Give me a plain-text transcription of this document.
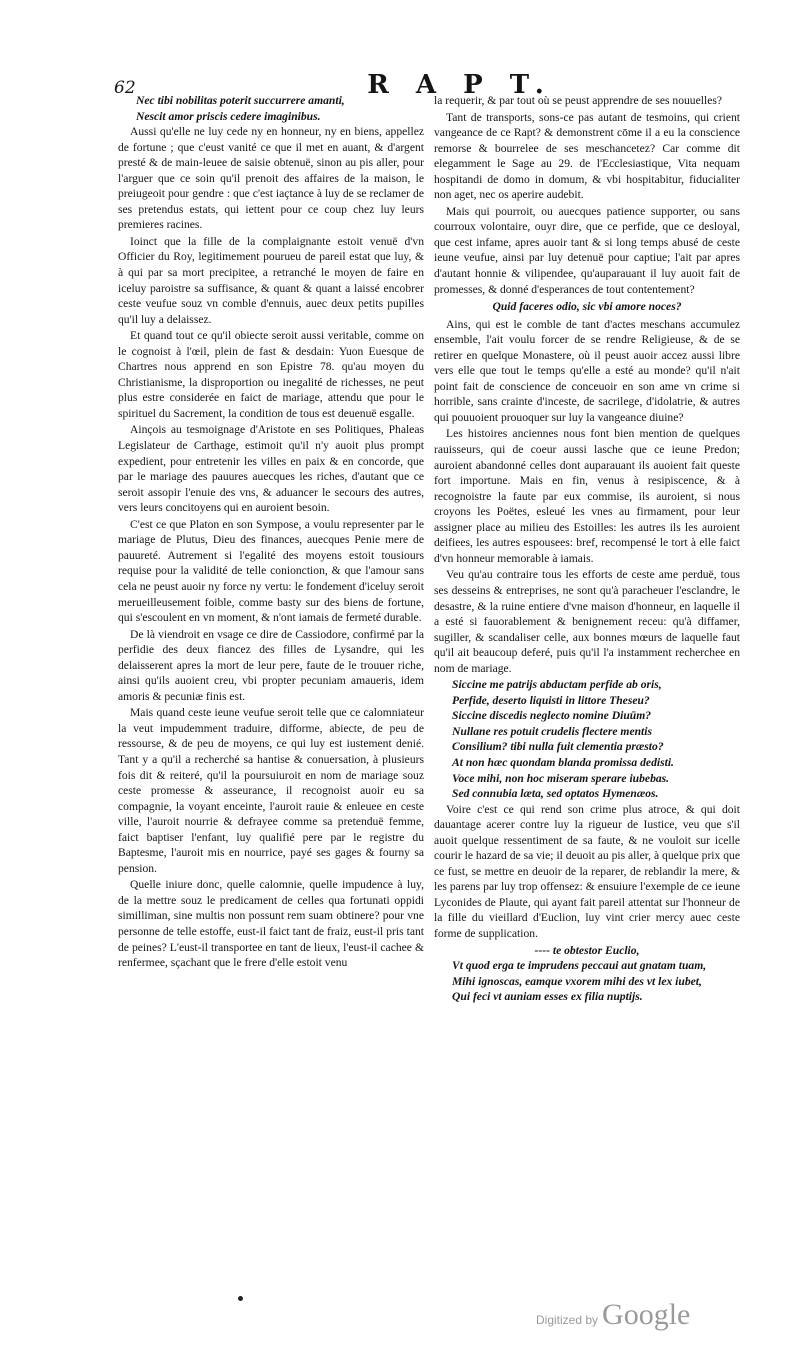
62	R A P T.
Nec tibi nobilitas poterit succurrere amanti,
Nescit amor priscis cedere imaginibus.
Aussi qu'elle ne luy cede ny en honneur, ny en biens, appellez de fortune ; que c'eust vanité ce que il met en auant, & d'argent presté & de main-leuee de saisie obtenuë, sinon au pis aller, pour l'arguer que ce soin qu'il prenoit des affaires de la maison, le preiugeoit pour gendre : que c'est iaçtance à luy de se reclamer de ses pretendus estats, qui iettent pour ce coup chez luy leurs premieres racines.
Ioinct que la fille de la complaignante estoit venuë d'vn Officier du Roy, legitimement pourueu de pareil estat que luy, & à qui par sa mort precipitee, a retranché le moyen de faire en iceluy paroistre sa suffisance, & quant & quant a laissé encobrer ceste veufue souz vn comble d'ennuis, auec deux petits pupilles qu'il luy a delaissez.
Et quand tout ce qu'il obiecte seroit aussi veritable, comme on le cognoist à l'œil, plein de fast & desdain: Yuon Euesque de Chartres nous apprend en son Epistre 78. qu'au moyen du Christianisme, la disproportion ou inegalité de richesses, ne peut plus estre considerée en faict de mariage, attendu que pour le spirituel du Sacrement, la condition de tous est deuenuë esgalle.
Ainçois au tesmoignage d'Aristote en ses Politiques, Phaleas Legislateur de Carthage, estimoit qu'il n'y auoit plus prompt expedient, pour entretenir les villes en paix & en concorde, que par le mariage des pauures auecques les riches, d'autant que ce seroit assopir l'enuie des vns, & aduancer le secours des autres, vers leurs concitoyens qui en auroient besoin.
C'est ce que Platon en son Sympose, a voulu representer par le mariage de Plutus, Dieu des finances, auecques Penie mere de pauureté. Autrement si l'egalité des moyens estoit tousiours requise pour la validité de telle conionction, & que l'amour sans cela ne peust auoir ny force ny vertu: le fondement d'iceluy seroit merueilleusement foible, comme basty sur des biens de fortune, qui s'escoulent en vn moment, & n'ont iamais de fermeté durable.
De là viendroit en vsage ce dire de Cassiodore, confirmé par la perfidie des deux fiancez des filles de Lysandre, qui les delaisserent apres la mort de leur pere, faute de le trouuer riche, ainsi qu'ils auoient creu, vbi propter pecuniam amaueris, idem amoris & pecuniæ finis est.
Mais quand ceste ieune veufue seroit telle que ce calomniateur la veut impudemment traduire, difforme, abiecte, de peu de ressourse, & de peu de moyens, ce qui luy est iustement denié. Tant y a qu'il a recherché sa hantise & conuersation, à plusieurs fois dit & reiteré, qu'il la poursuiuroit en nom de mariage souz ceste promesse & asseurance, il recognoist auoir eu sa compagnie, la voyant enceinte, l'auroit rauie & enleuee en ceste ville, l'auroit nourrie & defrayee comme sa pretenduë femme, faict baptiser l'enfant, luy qualifié pere par le registre du Baptesme, l'auroit mis en nourrice, payé ses gages & fourny sa pension.
Quelle iniure donc, quelle calomnie, quelle impudence à luy, de la mettre souz le predicament de celles qua fortunati oppidi similliman, sine multis non possunt rem suam obtinere? pour vne personne de telle estoffe, eust-il faict tant de fraiz, eust-il pris tant de peines? L'eust-il transportee en tant de lieux, l'eust-il cachee & renfermee, sçachant que le frere d'elle estoit venu
la requerir, & par tout où se peust apprendre de ses nouuelles?
Tant de transports, sons-ce pas autant de tesmoins, qui crient vangeance de ce Rapt? & demonstrent cōme il a eu la conscience remorse & bourrelee de ses meschancetez? Car comme dit elegamment le Sage au 29. de l'Ecclesiastique, Vita nequam hospitandi de domo in domum, & vbi hospitabitur, fiducialiter non aget, nec os aperire audebit.
Mais qui pourroit, ou auecques patience supporter, ou sans courroux volontaire, ouyr dire, que ce perfide, que ce desloyal, que cest infame, apres auoir tant & si long temps abusé de ceste ieune veufue, ainsi par luy detenuë pour captiue; l'ait par apres d'autant honnie & vilipendee, qu'auparauant il luy auoit fait de promesses, & donné d'esperances de tout contentement?
Quid faceres odio, sic vbi amore noces?
Ains, qui est le comble de tant d'actes meschans accumulez ensemble, l'ait voulu forcer de se rendre Religieuse, & de se retirer en quelque Monastere, où il peust auoir accez aussi libre vers elle que tout le temps qu'elle a esté au monde? qu'il n'ait point fait de conscience de conceuoir en son ame vn crime si horrible, sans crainte d'inceste, de sacrilege, d'idolatrie, & autres qui pouuoient prouoquer sur luy la vangeance diuine?
Les histoires anciennes nous font bien mention de quelques rauisseurs, qui de coeur aussi lasche que ce ieune Predon; auroient abandonné celles dont auparauant ils auoient fait queste fort importune. Mais en fin, venus à resipiscence, & à recognoistre la faute par eux commise, ils auroient, si nous croyons les Poëtes, esleué les vnes au firmament, pour leur assigner place au milieu des Estoilles: les autres ils les auroient deifiees, les autres espousees: bref, recompensé le tort à elle faict d'vn honneur memorable à iamais.
Veu qu'au contraire tous les efforts de ceste ame perduë, tous ses desseins & entreprises, ne sont qu'à paracheuer l'esclandre, le desastre, & la ruine entiere d'vne maison d'honneur, en laquelle il a esté si fauorablement & benignement receu: qu'à diffamer, sugiller, & scandaliser celle, aux bonnes mœurs de laquelle faut qu'il ait beaucoup deferé, puis qu'il l'a instamment recherchee en nom de mariage.
Siccine me patrijs abductam perfide ab oris,
Perfide, deserto liquisti in littore Theseu?
Siccine discedis neglecto nomine Diuūm?
Nullane res potuit crudelis flectere mentis
Consilium? tibi nulla fuit clementia præsto?
At non hæc quondam blanda promissa dedisti.
Voce mihi, non hoc miseram sperare iubebas.
Sed connubia læta, sed optatos Hymenæos.
Voire c'est ce qui rend son crime plus atroce, & qui doit dauantage acerer contre luy la rigueur de Iustice, veu que s'il auoit quelque ressentiment de sa faute, & ne vouloit sur icelle courir le hazard de sa vie; il deuoit au pis aller, à quelque prix que ce fust, se mettre en deuoir de la reparer, de reblandir la mere, & les parens par luy trop offensez: & ensuiure l'exemple de ce ieune Lyconides de Plaute, qui ayant fait pareil attentat sur l'honneur de la fille du vieillard d'Euclion, luy vint crier mercy auec ceste forme de supplication.
---- te obtestor Euclio,
Vt quod erga te imprudens peccaui aut gnatam tuam,
Mihi ignoscas, eamque vxorem mihi des vt lex iubet,
Qui feci vt auniam esses ex filia nuptijs.
Digitized by Google
